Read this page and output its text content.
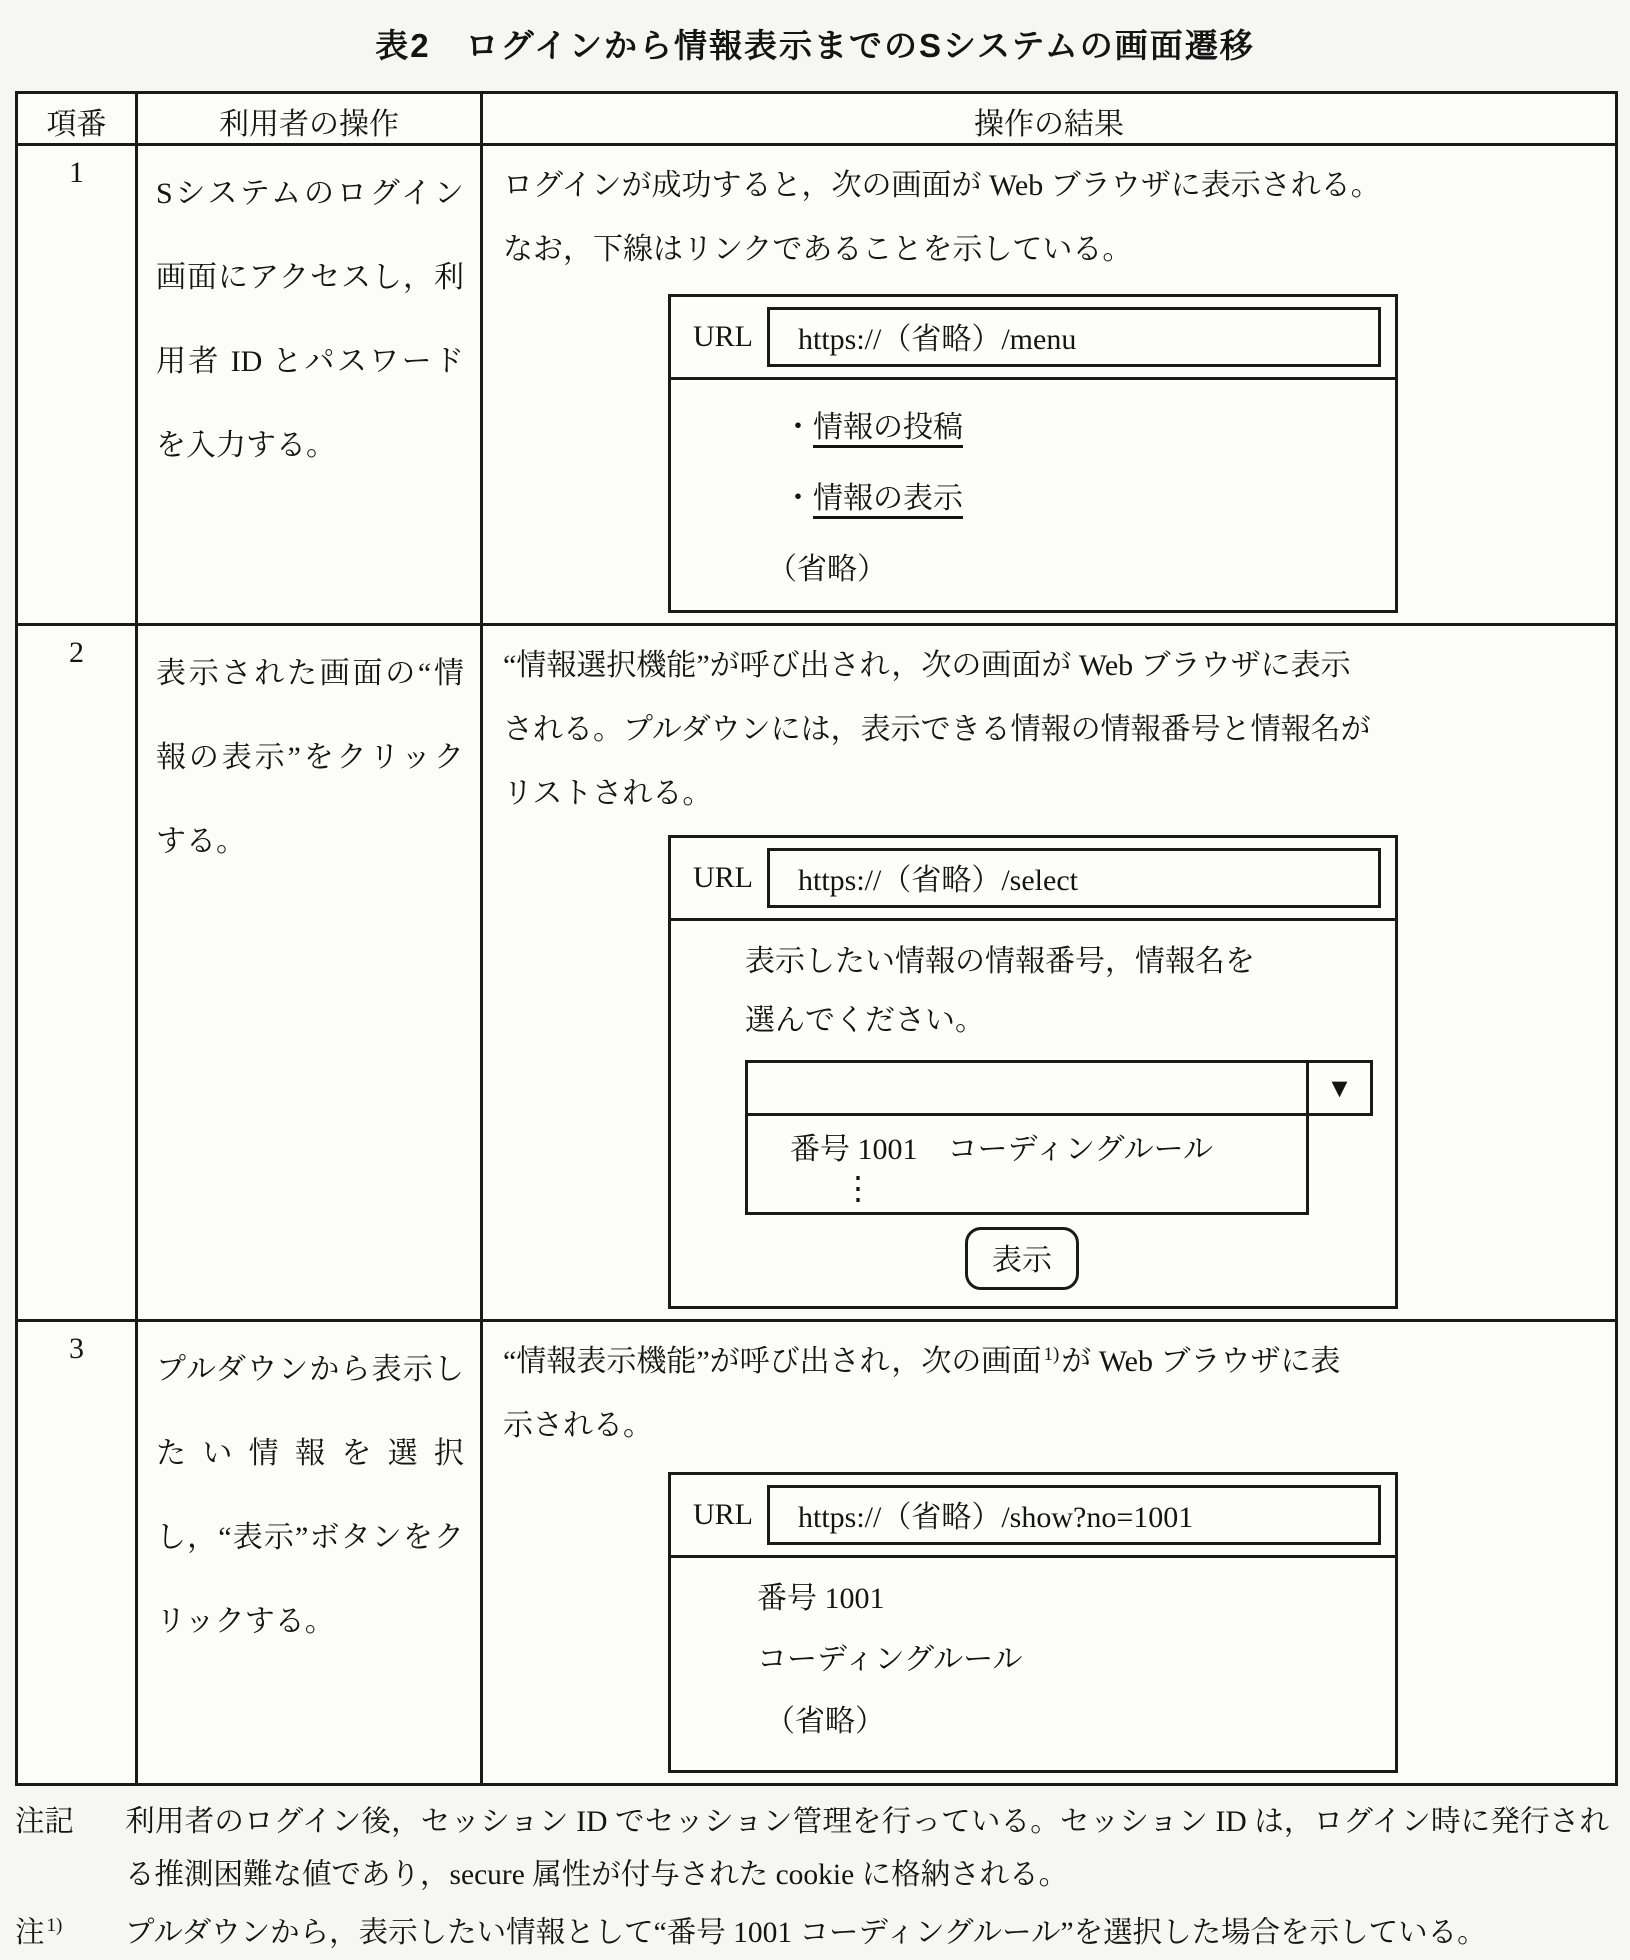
表2　ログインから情報表示までのSシステムの画面遷移
項番	利用者の操作	操作の結果
1	Sシステムのログイン画面にアクセスし，利用者 ID とパスワードを入力する。	
ログインが成功すると，次の画面が Web ブラウザに表示される。
なお，下線はリンクであることを示している。
URL	https://（省略）/menu
・情報の投稿
・情報の表示
（省略）

2	表示された画面の“情報の表示”をクリックする。	
“情報選択機能”が呼び出され，次の画面が Web ブラウザに表示
される。プルダウンには，表示できる情報の情報番号と情報名が
リストされる。
URL	https://（省略）/select
表示したい情報の情報番号，情報名を
選んでください。
▼
番号 1001　コーディングルール
⋮
表示

3	プルダウンから表示したい情報を選択し，“表示”ボタンをクリックする。	
“情報表示機能”が呼び出され，次の画面 $^{1)}$が Web ブラウザに表
示される。
URL	https://（省略）/show?no=1001
番号 1001
コーディングルール
（省略）
注記 利用者のログイン後，セッション ID でセッション管理を行っている。セッション ID は，ログイン時に発行される推測困難な値であり，secure 属性が付与された cookie に格納される。
注 $^{1)}$ プルダウンから，表示したい情報として“番号 1001 コーディングルール”を選択した場合を示している。
